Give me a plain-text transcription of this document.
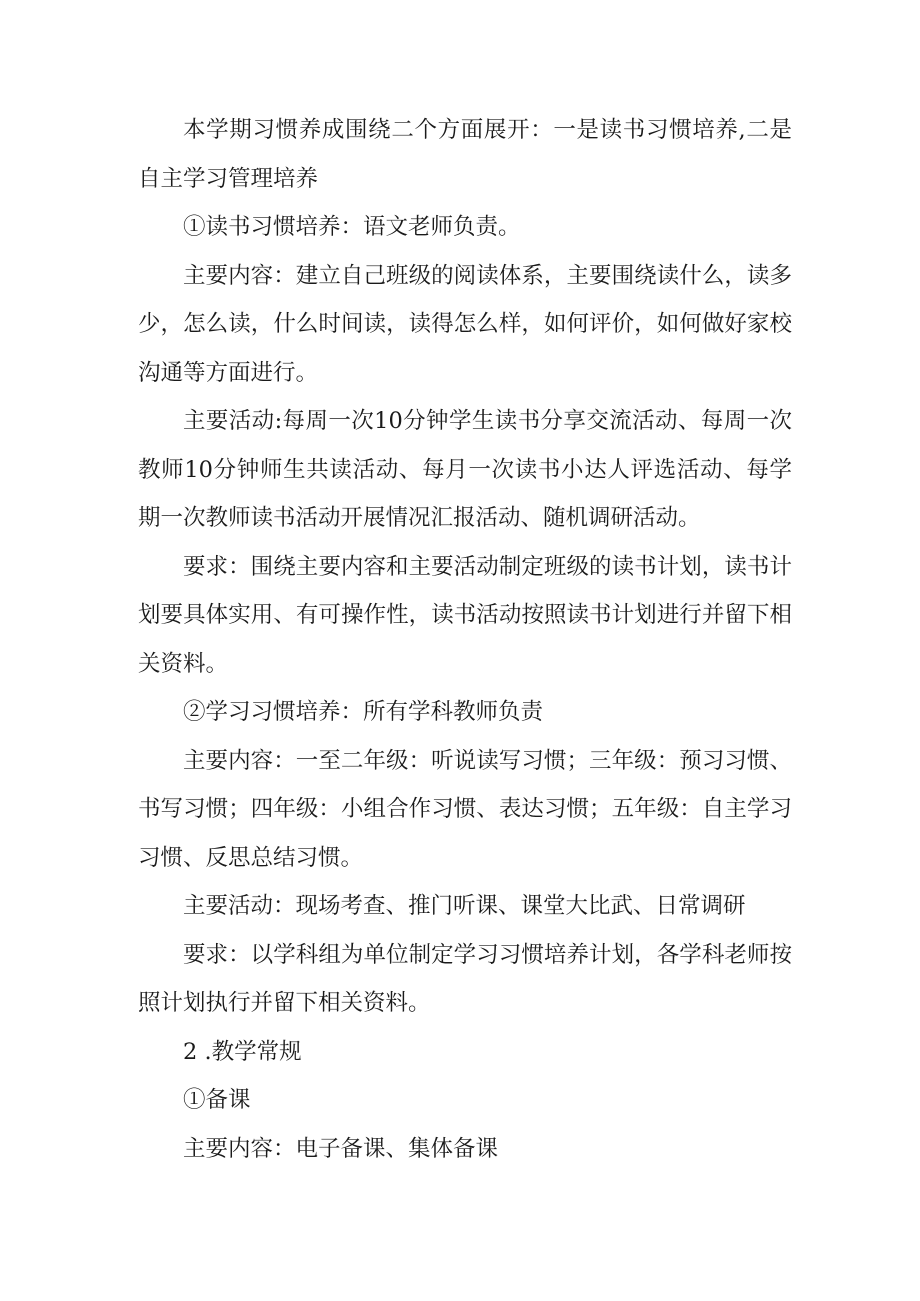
本学期习惯养成围绕二个方面展开：一是读书习惯培养,二是自主学习管理培养

①读书习惯培养：语文老师负责。

主要内容：建立自己班级的阅读体系，主要围绕读什么，读多少，怎么读，什么时间读，读得怎么样，如何评价，如何做好家校沟通等方面进行。

主要活动:每周一次10分钟学生读书分享交流活动、每周一次教师10分钟师生共读活动、每月一次读书小达人评选活动、每学期一次教师读书活动开展情况汇报活动、随机调研活动。

要求：围绕主要内容和主要活动制定班级的读书计划，读书计划要具体实用、有可操作性，读书活动按照读书计划进行并留下相关资料。

②学习习惯培养：所有学科教师负责

主要内容：一至二年级：听说读写习惯；三年级：预习习惯、书写习惯；四年级：小组合作习惯、表达习惯；五年级：自主学习习惯、反思总结习惯。

主要活动：现场考查、推门听课、课堂大比武、日常调研

要求：以学科组为单位制定学习习惯培养计划，各学科老师按照计划执行并留下相关资料。

2 .教学常规

①备课

主要内容：电子备课、集体备课
